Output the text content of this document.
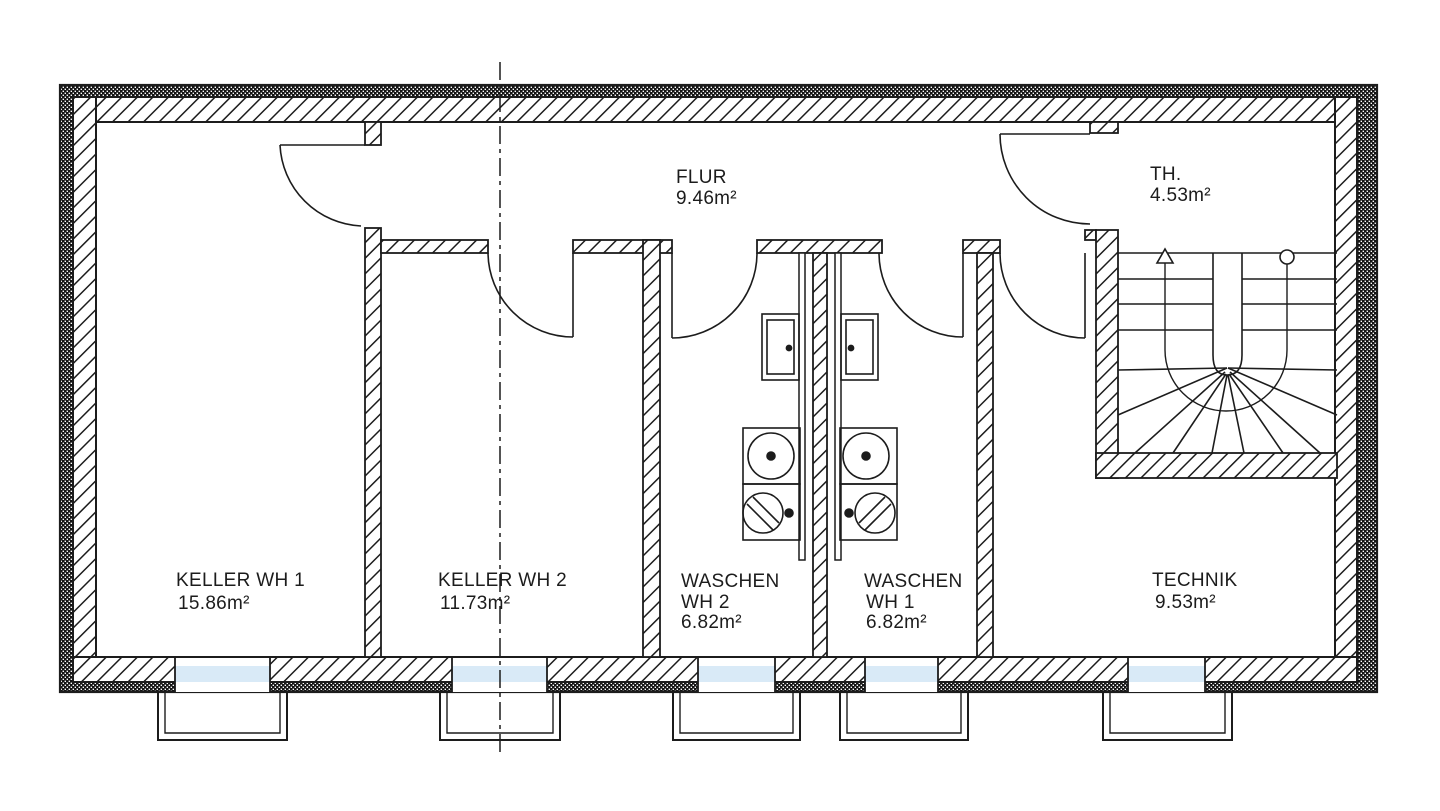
FLUR
9.46m²
TH.
4.53m²
KELLER WH 1
15.86m²
KELLER WH 2
11.73m²
WASCHEN
WH 2
6.82m²
WASCHEN
WH 1
6.82m²
TECHNIK
9.53m²
